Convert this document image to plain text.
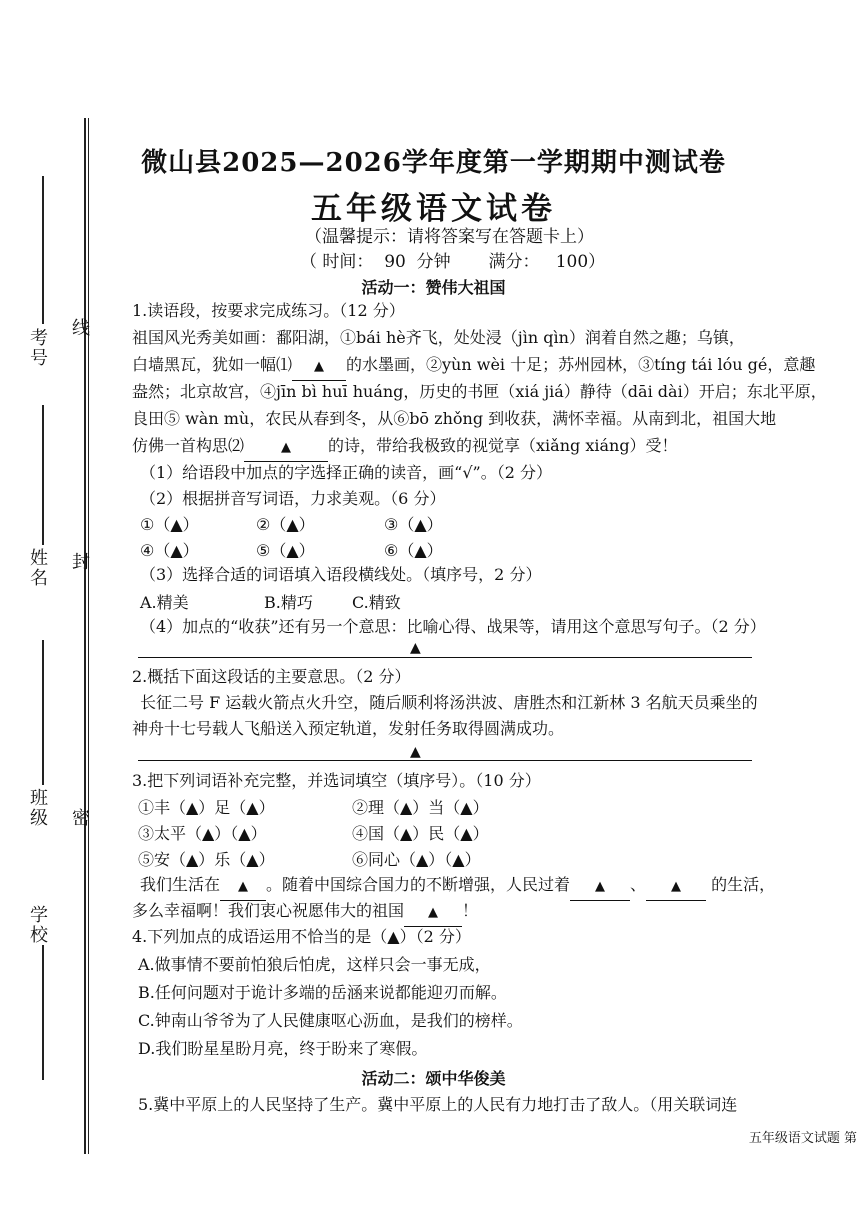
考号 线
姓名 封
班级 密
学校
微山县2025—2026学年度第一学期期中测试卷
五年级语文试卷
（温馨提示：请将答案写在答题卡上）
（ 时间：  90  分钟       满分：   100）
活动一：赞伟大祖国
1.读语段，按要求完成练习。（12 分）
祖国风光秀美如画：鄱阳湖，①bái hè齐飞，处处浸（jìn qìn）润着自然之趣；乌镇，
白墙黑瓦，犹如一幅⑴ ▲ 的水墨画，②yùn wèi 十足；苏州园林，③tíng tái lóu gé，意趣
盎然；北京故宫，④jīn bì huī huáng，历史的书匣（xiá jiá）静待（dāi dài）开启；东北平原，
良田⑤ wàn mù，农民从春到冬，从⑥bō zhǒng 到收获，满怀幸福。从南到北，祖国大地
仿佛一首构思⑵	▲ 的诗，带给我极致的视觉享（xiǎng xiáng）受！
（1）给语段中加点的字选择正确的读音，画“√”。（2 分）
（2）根据拼音写词语，力求美观。（6 分）
①（▲）	②（▲）	③（▲）
④（▲）	⑤（▲）	⑥（▲）
（3）选择合适的词语填入语段横线处。（填序号，2 分）
A.精美	B.精巧 C.精致
（4）加点的“收获”还有另一个意思：比喻心得、战果等，请用这个意思写句子。（2 分）
▲
2.概括下面这段话的主要意思。（2 分）
长征二号 F 运载火箭点火升空，随后顺利将汤洪波、唐胜杰和江新林 3 名航天员乘坐的
神舟十七号载人飞船送入预定轨道，发射任务取得圆满成功。
▲
3.把下列词语补充完整，并选词填空（填序号）。（10 分）
①丰（▲）足（▲）	②理（▲）当（▲）
③太平（▲）（▲）	④国（▲）民（▲）
⑤安（▲）乐（▲）	⑥同心（▲）（▲）
我们生活在 ▲ 。随着中国综合国力的不断增强，人民过着 ▲ 、 ▲ 的生活，
多么幸福啊！我们衷心祝愿伟大的祖国 ▲ ！
4.下列加点的成语运用不恰当的是（▲）（2 分）
A.做事情不要前怕狼后怕虎，这样只会一事无成，
B.任何问题对于诡计多端的岳涵来说都能迎刃而解。
C.钟南山爷爷为了人民健康呕心沥血，是我们的榜样。
D.我们盼星星盼月亮，终于盼来了寒假。
活动二：颂中华俊美
5.冀中平原上的人民坚持了生产。冀中平原上的人民有力地打击了敌人。（用关联词连
五年级语文试题 第
